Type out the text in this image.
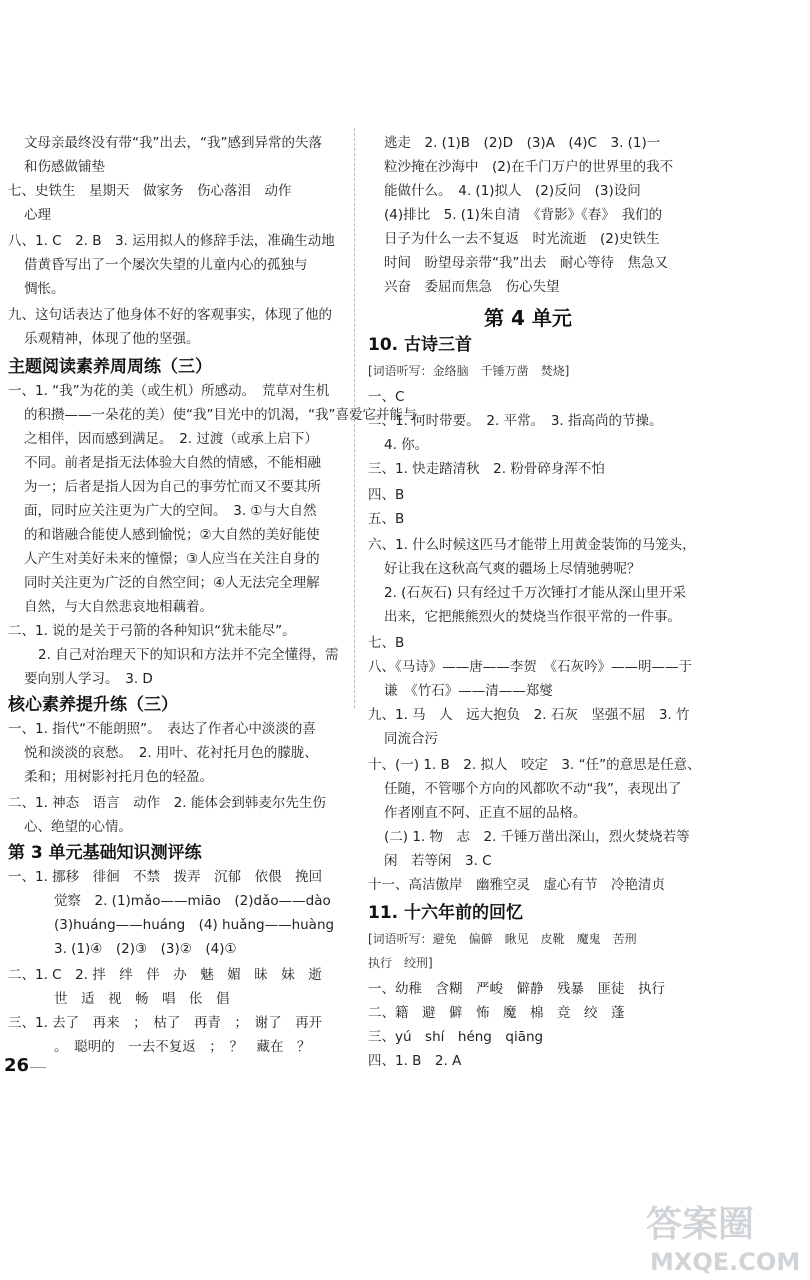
文母亲最终没有带“我”出去，“我”感到异常的失落
和伤感做铺垫
七、史铁生　星期天　做家务　伤心落泪　动作
心理
八、1. C　2. B　3. 运用拟人的修辞手法，准确生动地
借黄昏写出了一个屡次失望的儿童内心的孤独与
惆怅。
九、这句话表达了他身体不好的客观事实，体现了他的
乐观精神，体现了他的坚强。
主题阅读素养周周练（三）
一、1. “我”为花的美（或生机）所感动。　荒草对生机
的积攒——一朵花的美）使“我”目光中的饥渴，“我”喜爱它并能与
之相伴，因而感到满足。　2. 过渡（或承上启下）
不同。前者是指无法体验大自然的情感，不能相融
为一；后者是指人因为自己的事劳忙而又不要其所
面，同时应关注更为广大的空间。　3. ①与大自然
的和谐融合能使人感到愉悦；②大自然的美好能使
人产生对美好未来的憧憬；③人应当在关注自身的
同时关注更为广泛的自然空间；④人无法完全理解
自然，与大自然悲哀地相藕着。
二、1. 说的是关于弓箭的各种知识“犹未能尽”。
2. 自己对治理天下的知识和方法并不完全懂得，需
要向别人学习。　3. D
核心素养提升练（三）
一、1. 指代“不能朗照”。　表达了作者心中淡淡的喜
悦和淡淡的哀愁。　2. 用叶、花衬托月色的朦胧、
柔和；用树影衬托月色的轻盈。
二、1. 神态　语言　动作　2. 能体会到韩麦尔先生伤
心、绝望的心情。
第 3 单元基础知识测评练
一、1. 挪移　徘徊　不禁　拨弄　沉郁　依偎　挽回
觉察　2. (1)mǎo——miāo　(2)dǎo——dào
(3)huáng——huáng　(4) huǎng——huàng
3. (1)④　(2)③　(3)②　(4)①
二、1. C　2. 拌　绊　伴　办　魅　媚　昧　妹　逝
世　适　视　畅　唱　伥　倡
三、1. 去了　再来　；　枯了　再青　；　谢了　再开
。　聪明的　一去不复返　；　？　藏在　？
26
逃走　2. (1)B　(2)D　(3)A　(4)C　3. (1)一
粒沙掩在沙海中　(2)在千门万户的世界里的我不
能做什么。　4. (1)拟人　(2)反问　(3)设问
(4)排比　5. (1)朱自清　《背影》《春》　我们的
日子为什么一去不复返　时光流逝　(2)史铁生
时间　盼望母亲带“我”出去　耐心等待　焦急又
兴奋　委屈而焦急　伤心失望
10. 古诗三首
[词语听写：金络脑　千锤万凿　焚烧]
一、C
二、1. 何时带要。　2. 平常。　3. 指高尚的节操。
4. 你。
三、1. 快走踏清秋　2. 粉骨碎身浑不怕
四、B
五、B
六、1. 什么时候这匹马才能带上用黄金装饰的马笼头，
好让我在这秋高气爽的疆场上尽情驰骋呢？
2. (石灰石) 只有经过千万次锤打才能从深山里开采
出来，它把熊熊烈火的焚烧当作很平常的一件事。
七、B
八、《马诗》——唐——李贺　《石灰吟》——明——于
谦　《竹石》——清——郑燮
九、1. 马　人　远大抱负　2. 石灰　坚强不屈　3. 竹
同流合污
十、(一) 1. B　2. 拟人　咬定　3. “任”的意思是任意、
任随，不管哪个方向的风都吹不动“我”，表现出了
作者刚直不阿、正直不屈的品格。
(二) 1. 物　志　2. 千锤万凿出深山，烈火焚烧若等
闲　若等闲　3. C
十一、高洁傲岸　幽雅空灵　虚心有节　冷艳清贞
11. 十六年前的回忆
[词语听写：避免　偏僻　瞅见　皮靴　魔鬼　苦刑
执行　绞刑]
一、幼稚　含糊　严峻　僻静　残暴　匪徒　执行
二、籍　避　僻　怖　魔　棉　竞　绞　蓬
三、yú　shí　héng　qiāng
四、1. B　2. A
第 4 单元
答案圈
MXQE.COM
